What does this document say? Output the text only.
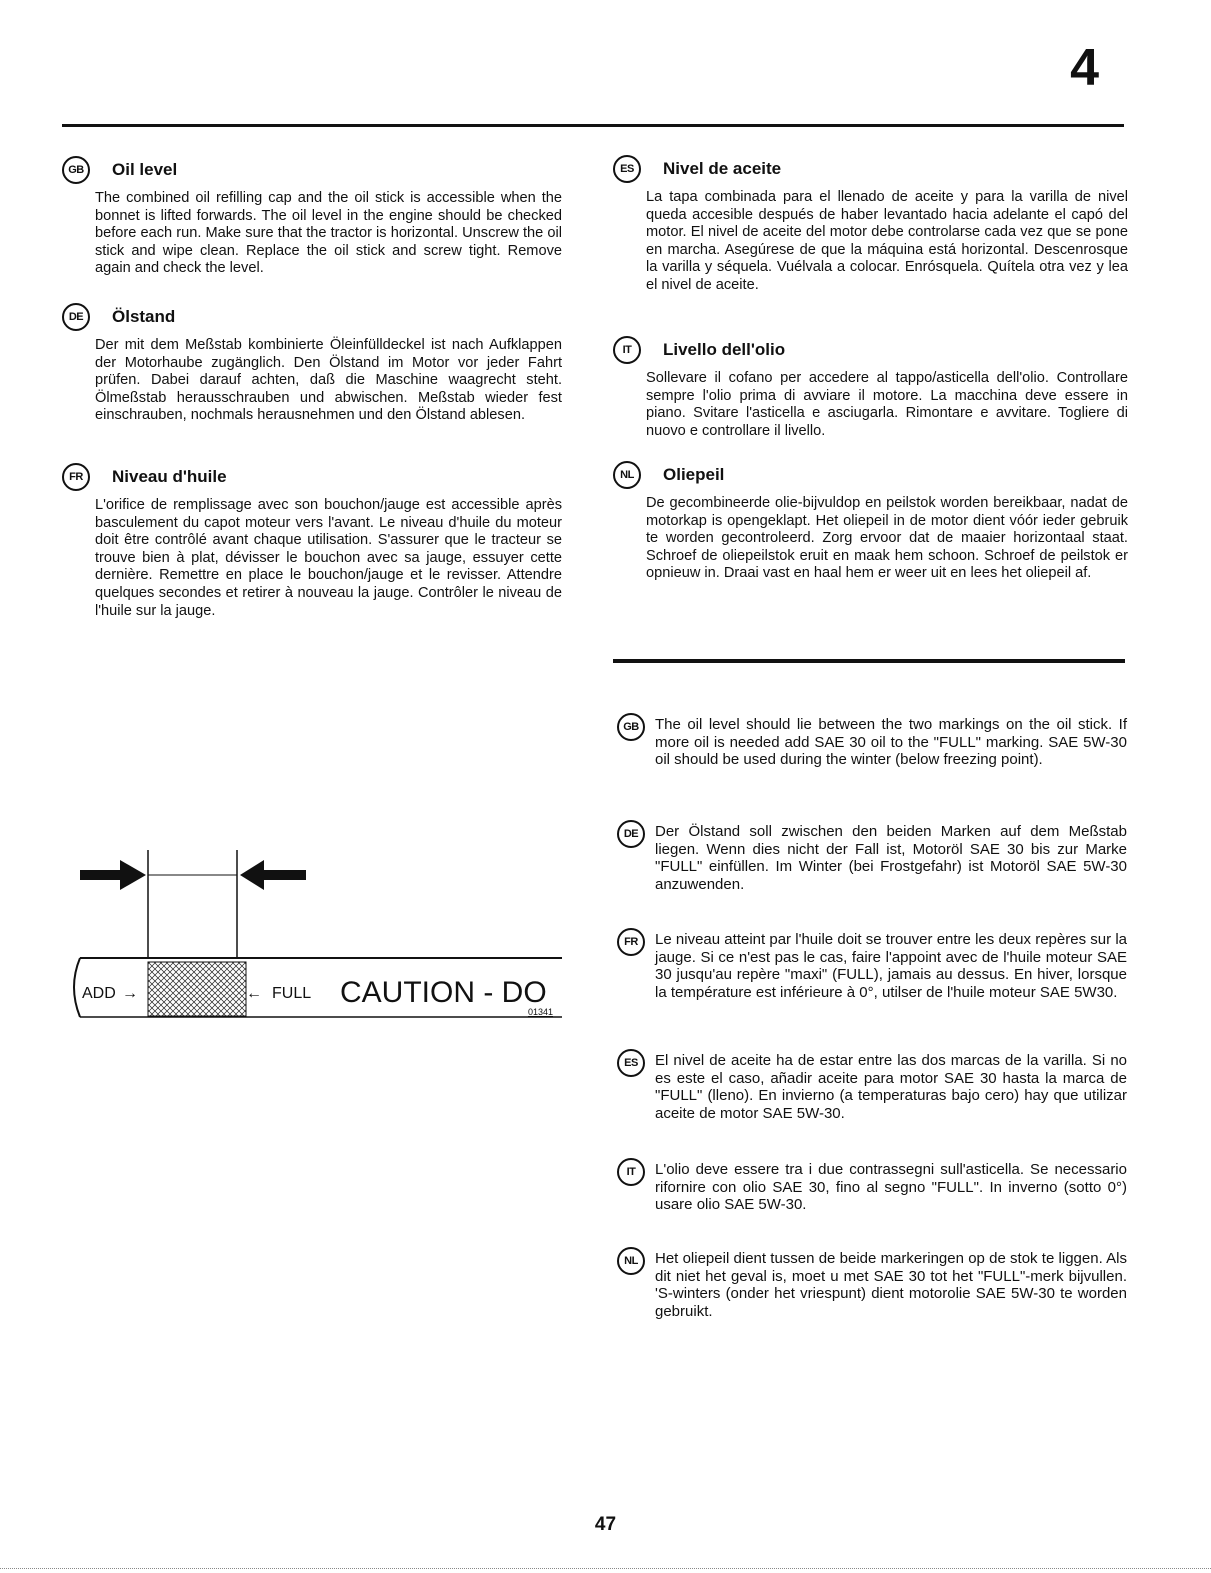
4
GB	Oil level
The combined oil refilling cap and the oil stick is accessible when the bonnet is lifted forwards. The oil level in the engine should be checked before each run. Make sure that the tractor is horizontal. Unscrew the oil stick and wipe clean. Replace the oil stick and screw tight. Remove again and check the level.
DE	Ölstand
Der mit dem Meßstab kombinierte Öleinfülldeckel ist nach Aufklappen der Motorhaube zugänglich. Den Ölstand im Motor vor jeder Fahrt prüfen. Dabei darauf achten, daß die Maschine waagrecht steht. Ölmeßstab herausschrauben und abwischen. Meßstab wieder fest einschrauben, nochmals herausnehmen und den Ölstand ablesen.
FR	Niveau d'huile
L'orifice de remplissage avec son bouchon/jauge est accessible après basculement du capot moteur vers l'avant. Le niveau d'huile du moteur doit être contrôlé avant chaque utilisation. S'assurer que le tracteur se trouve bien à plat, dévisser le bouchon avec sa jauge, essuyer cette dernière. Remettre en place le bouchon/jauge et le revisser. Attendre quelques secondes et retirer à nouveau la jauge. Contrôler le niveau de l'huile sur la jauge.
ES	Nivel de aceite
La tapa combinada para el llenado de aceite y para la varilla de nivel queda accesible después de haber levantado hacia adelante el capó del motor. El nivel de aceite del motor debe controlarse cada vez que se pone en marcha. Asegúrese de que la máquina está horizontal. Descenrosque la varilla y séquela. Vuélvala a colocar. Enrósquela. Quítela otra vez y lea el nivel de aceite.
IT	Livello dell'olio
Sollevare il cofano per accedere al tappo/asticella dell'olio. Controllare sempre l'olio prima di avviare il motore. La macchina deve essere in piano. Svitare l'asticella e asciugarla. Rimontare e avvitare. Togliere di nuovo e controllare il livello.
NL	Oliepeil
De gecombineerde olie-bijvuldop en peilstok worden bereikbaar, nadat de motorkap is opengeklapt. Het oliepeil in de motor dient vóór ieder gebruik te worden gecontroleerd. Zorg ervoor dat de maaier horizontaal staat. Schroef de oliepeilstok eruit en maak hem schoon. Schroef de peilstok er opnieuw in. Draai vast en haal hem er weer uit en lees het oliepeil af.
ADD →	← FULL CAUTION - DO
01341
GB	The oil level should lie between the two markings on the oil stick. If more oil is needed add SAE 30 oil to the "FULL" marking. SAE 5W-30 oil should be used during the winter (below freezing point).
DE	Der Ölstand soll zwischen den beiden Marken auf dem Meßstab liegen. Wenn dies nicht der Fall ist, Motoröl SAE 30 bis zur Marke "FULL" einfüllen. Im Winter (bei Frostgefahr) ist Motoröl SAE 5W-30 anzuwenden.
FR	Le niveau atteint par l'huile doit se trouver entre les deux repères sur la jauge. Si ce n'est pas le cas, faire l'appoint avec de l'huile moteur SAE 30 jusqu'au repère "maxi" (FULL), jamais au dessus. En hiver, lorsque la température est inférieure à 0°, utilser de l'huile moteur SAE 5W30.
ES	El nivel de aceite ha de estar entre las dos marcas de la varilla. Si no es este el caso, añadir aceite para motor SAE 30 hasta la marca de "FULL" (lleno). En invierno (a temperaturas bajo cero) hay que utilizar aceite de motor SAE 5W-30.
IT	L'olio deve essere tra i due contrassegni sull'asticella. Se necessario rifornire con olio SAE 30, fino al segno "FULL". In inverno (sotto 0°) usare olio SAE 5W-30.
NL	Het oliepeil dient tussen de beide markeringen op de stok te liggen. Als dit niet het geval is, moet u met SAE 30 tot het "FULL"-merk bijvullen. 'S-winters (onder het vriespunt) dient motorolie SAE 5W-30 te worden gebruikt.
47
